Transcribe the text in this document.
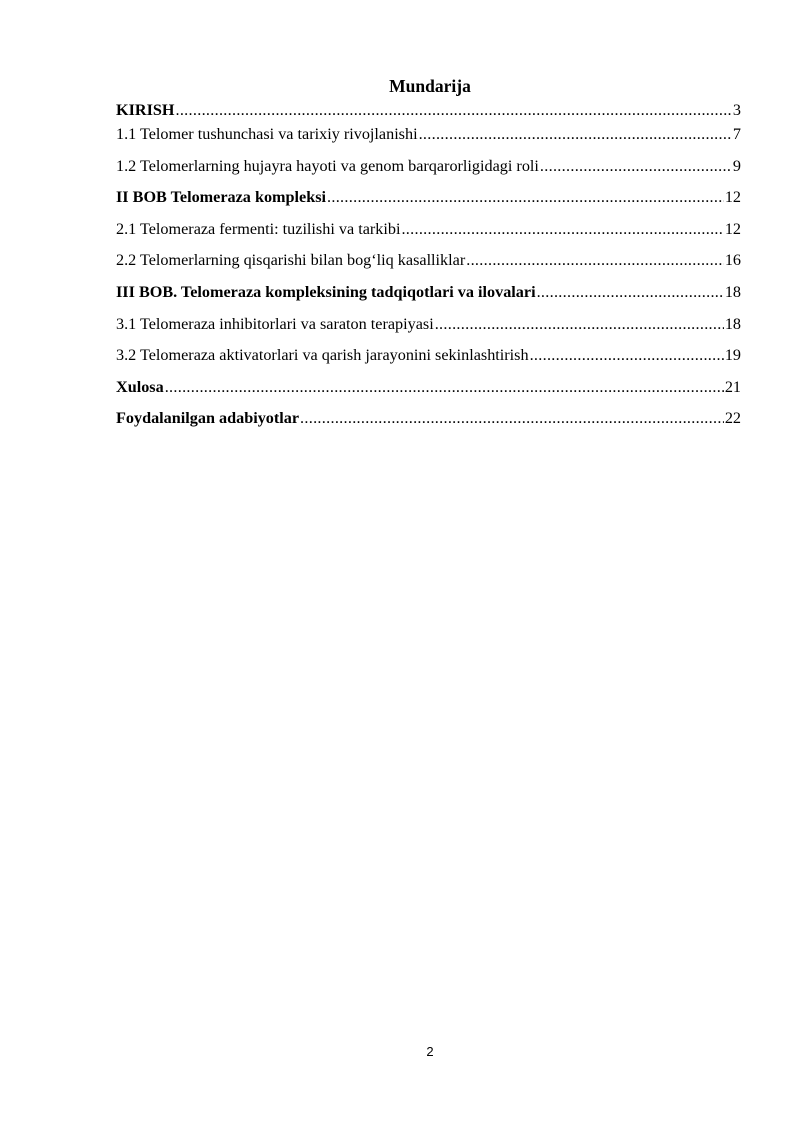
Mundarija
KIRISH .....	3
1.1 Telomer tushunchasi va tarixiy rivojlanishi .....	7
1.2 Telomerlarning hujayra hayoti va genom barqarorligidagi roli .....	9
II BOB Telomeraza kompleksi .....	12
2.1 Telomeraza fermenti: tuzilishi va tarkibi .....	12
2.2 Telomerlarning qisqarishi bilan bog‘liq kasalliklar .....	16
III BOB. Telomeraza kompleksining tadqiqotlari va ilovalari .....	18
3.1 Telomeraza inhibitorlari va saraton terapiyasi .....	18
3.2 Telomeraza aktivatorlari va qarish jarayonini sekinlashtirish .....	19
Xulosa .....	21
Foydalanilgan adabiyotlar .....	22
2
